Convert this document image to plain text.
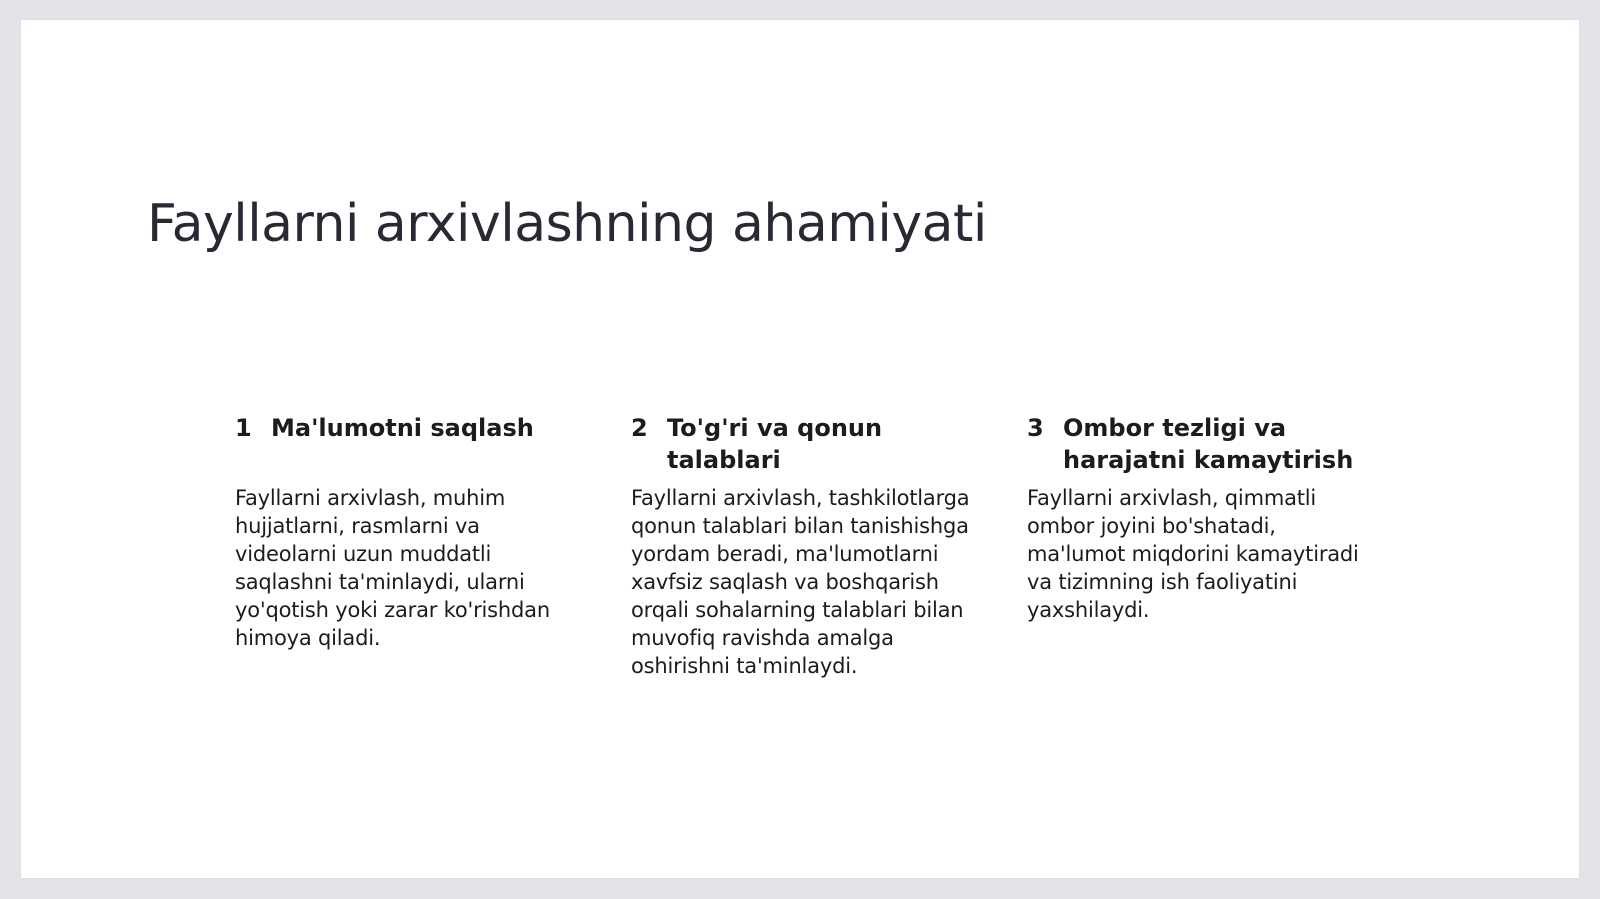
Fayllarni arxivlashning ahamiyati
1 Ma'lumotni saqlash

Fayllarni arxivlash, muhim hujjatlarni, rasmlarni va videolarni uzun muddatli saqlashni ta'minlaydi, ularni yo'qotish yoki zarar ko'rishdan himoya qiladi.

2 To'g'ri va qonun talablari

Fayllarni arxivlash, tashkilotlarga qonun talablari bilan tanishishga yordam beradi, ma'lumotlarni xavfsiz saqlash va boshqarish orqali sohalarning talablari bilan muvofiq ravishda amalga oshirishni ta'minlaydi.

3 Ombor tezligi va harajatni kamaytirish

Fayllarni arxivlash, qimmatli ombor joyini bo'shatadi, ma'lumot miqdorini kamaytiradi va tizimning ish faoliyatini yaxshilaydi.
